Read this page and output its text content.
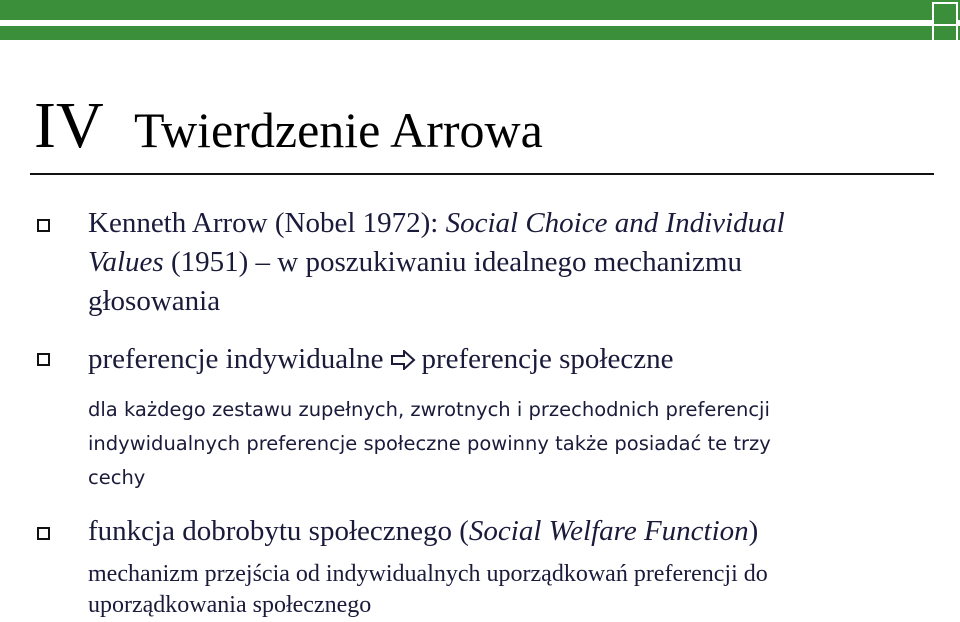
IV Twierdzenie Arrowa

Kenneth Arrow (Nobel 1972): Social Choice and Individual
Values (1951) – w poszukiwaniu idealnego mechanizmu
głosowania

preferencje indywidualne preferencje społeczne

dla każdego zestawu zupełnych, zwrotnych i przechodnich preferencji
indywidualnych preferencje społeczne powinny także posiadać te trzy
cechy

funkcja dobrobytu społecznego (Social Welfare Function)

mechanizm przejścia od indywidualnych uporządkowań preferencji do
uporządkowania społecznego
